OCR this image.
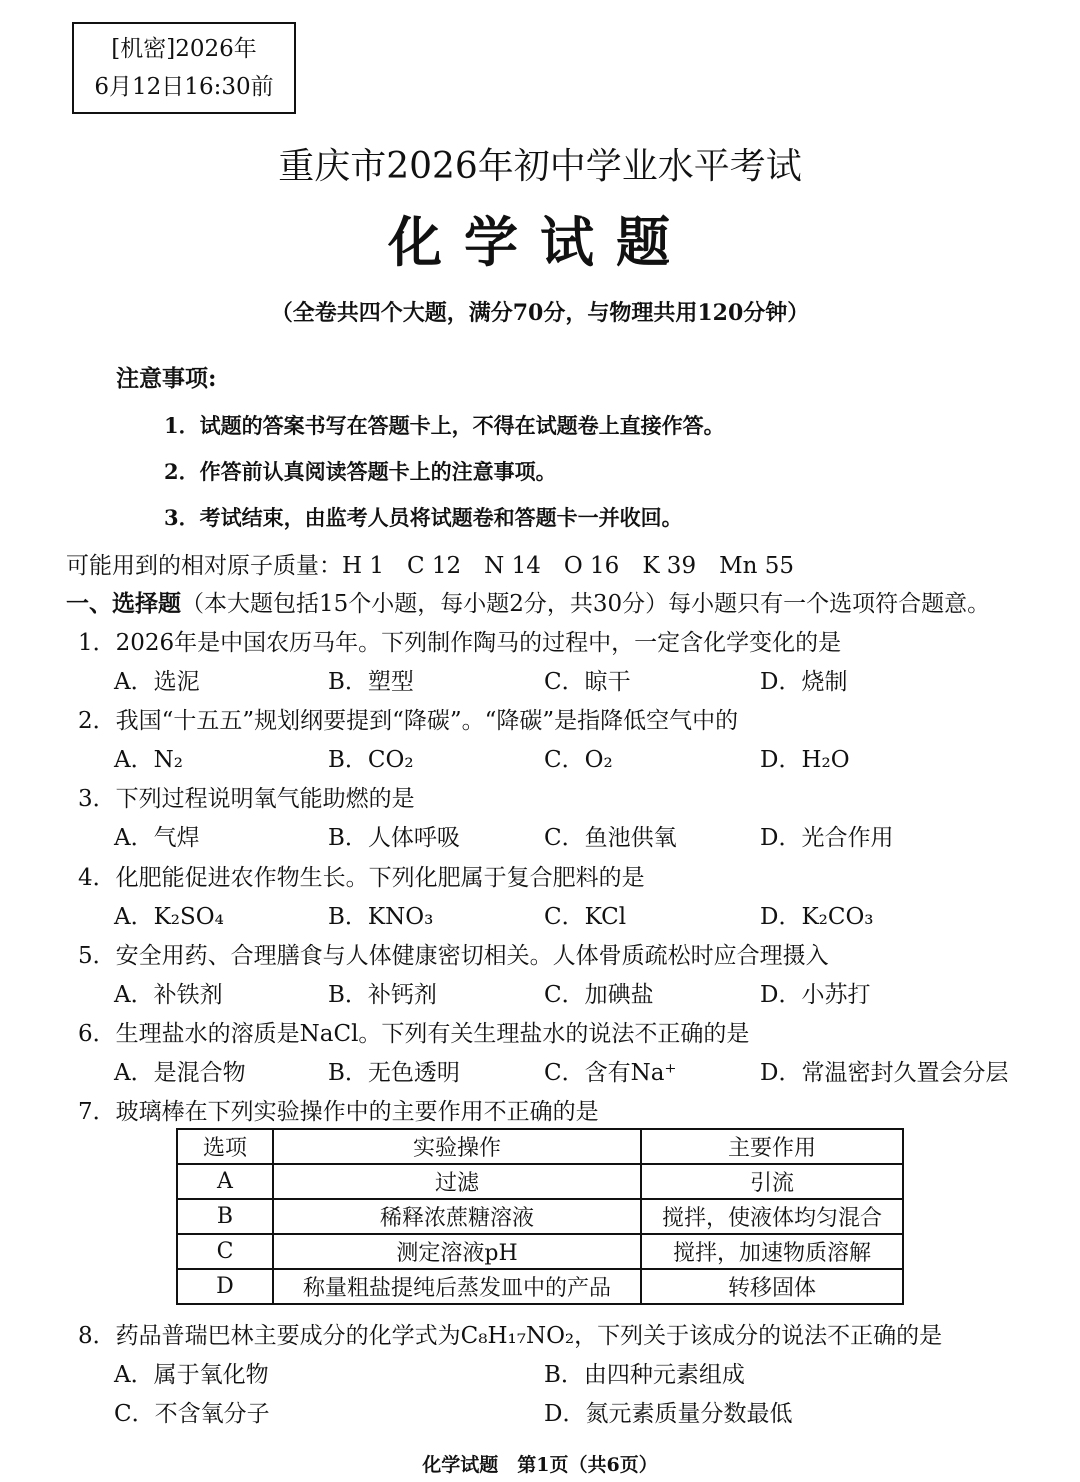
[机密]2026年
6月12日16:30前
重庆市2026年初中学业水平考试
化学试题
（全卷共四个大题，满分70分，与物理共用120分钟）
注意事项:
1．试题的答案书写在答题卡上，不得在试题卷上直接作答。
2．作答前认真阅读答题卡上的注意事项。
3．考试结束，由监考人员将试题卷和答题卡一并收回。
可能用到的相对原子质量：H 1　C 12　N 14　O 16　K 39　Mn 55
一、选择题（本大题包括15个小题，每小题2分，共30分）每小题只有一个选项符合题意。
1．2026年是中国农历马年。下列制作陶马的过程中，一定含化学变化的是
A．选泥	B．塑型	C．晾干	D．烧制
2．我国“十五五”规划纲要提到“降碳”。“降碳”是指降低空气中的
A．N₂	B．CO₂	C．O₂	D．H₂O
3．下列过程说明氧气能助燃的是
A．气焊	B．人体呼吸	C．鱼池供氧	D．光合作用
4．化肥能促进农作物生长。下列化肥属于复合肥料的是
A．K₂SO₄	B．KNO₃	C．KCl	D．K₂CO₃
5．安全用药、合理膳食与人体健康密切相关。人体骨质疏松时应合理摄入
A．补铁剂	B．补钙剂	C．加碘盐	D．小苏打
6．生理盐水的溶质是NaCl。下列有关生理盐水的说法不正确的是
A．是混合物	B．无色透明	C．含有Na⁺	D．常温密封久置会分层
7．玻璃棒在下列实验操作中的主要作用不正确的是
选项	实验操作	主要作用
A	过滤	引流
B	稀释浓蔗糖溶液	搅拌，使液体均匀混合
C	测定溶液pH	搅拌，加速物质溶解
D	称量粗盐提纯后蒸发皿中的产品	转移固体
8．药品普瑞巴林主要成分的化学式为C₈H₁₇NO₂，下列关于该成分的说法不正确的是
A．属于氧化物	B．由四种元素组成
C．不含氧分子	D．氮元素质量分数最低
化学试题　第1页（共6页）
